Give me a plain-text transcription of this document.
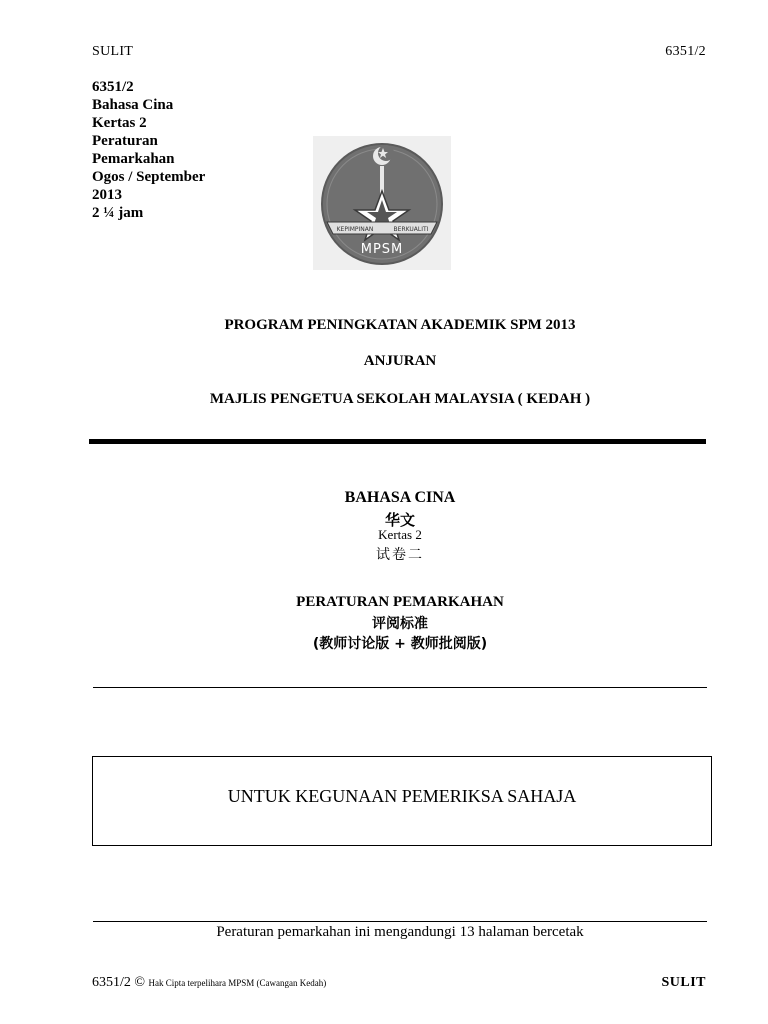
SULIT	6351/2
6351/2
Bahasa Cina
Kertas 2
Peraturan
Pemarkahan
Ogos / September
2013
2 ¼ jam
KEPIMPINAN	BERKUALITI
MPSM
PROGRAM PENINGKATAN AKADEMIK SPM 2013
ANJURAN
MAJLIS PENGETUA SEKOLAH MALAYSIA ( KEDAH )
BAHASA CINA
华文
Kertas 2
试卷二
PERATURAN PEMARKAHAN
评阅标准
(教师讨论版 + 教师批阅版)
UNTUK KEGUNAAN PEMERIKSA SAHAJA
Peraturan pemarkahan ini mengandungi 13 halaman bercetak
6351/2 © Hak Cipta terpelihara MPSM (Cawangan Kedah)	SULIT
